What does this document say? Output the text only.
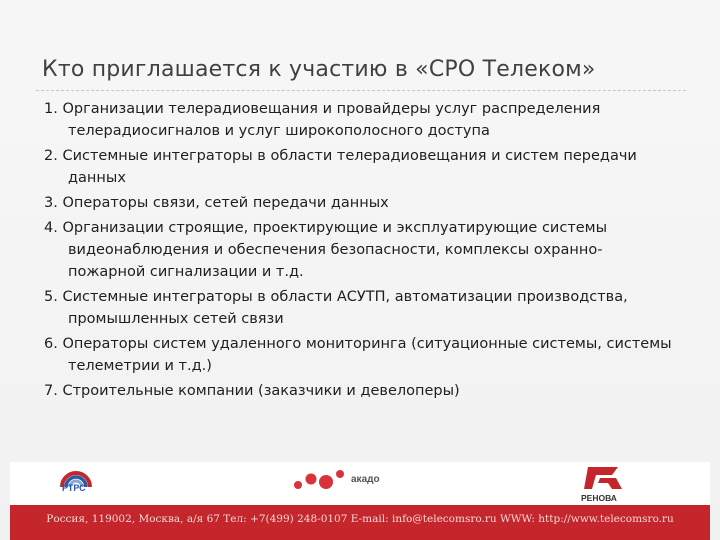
Кто приглашается к участию в «СРО Телеком»
1. Организации телерадиовещания и провайдеры услуг распределения
телерадиосигналов и услуг широкополосного доступа
2. Системные интеграторы в области телерадиовещания и систем передачи
данных
3. Операторы связи, сетей передачи данных
4. Организации строящие, проектирующие и эксплуатирующие системы
видеонаблюдения и обеспечения безопасности, комплексы охранно-
пожарной сигнализации и т.д.
5. Системные интеграторы в области АСУТП, автоматизации производства,
промышленных сетей связи
6. Операторы систем удаленного мониторинга (ситуационные системы, системы
телеметрии и т.д.)
7. Строительные компании (заказчики и девелоперы)
РТРС
акадо
РЕНОВА
Россия, 119002, Москва, а/я 67 Тел: +7(499) 248-0107 E-mail: info@telecomsro.ru WWW: http://www.telecomsro.ru
